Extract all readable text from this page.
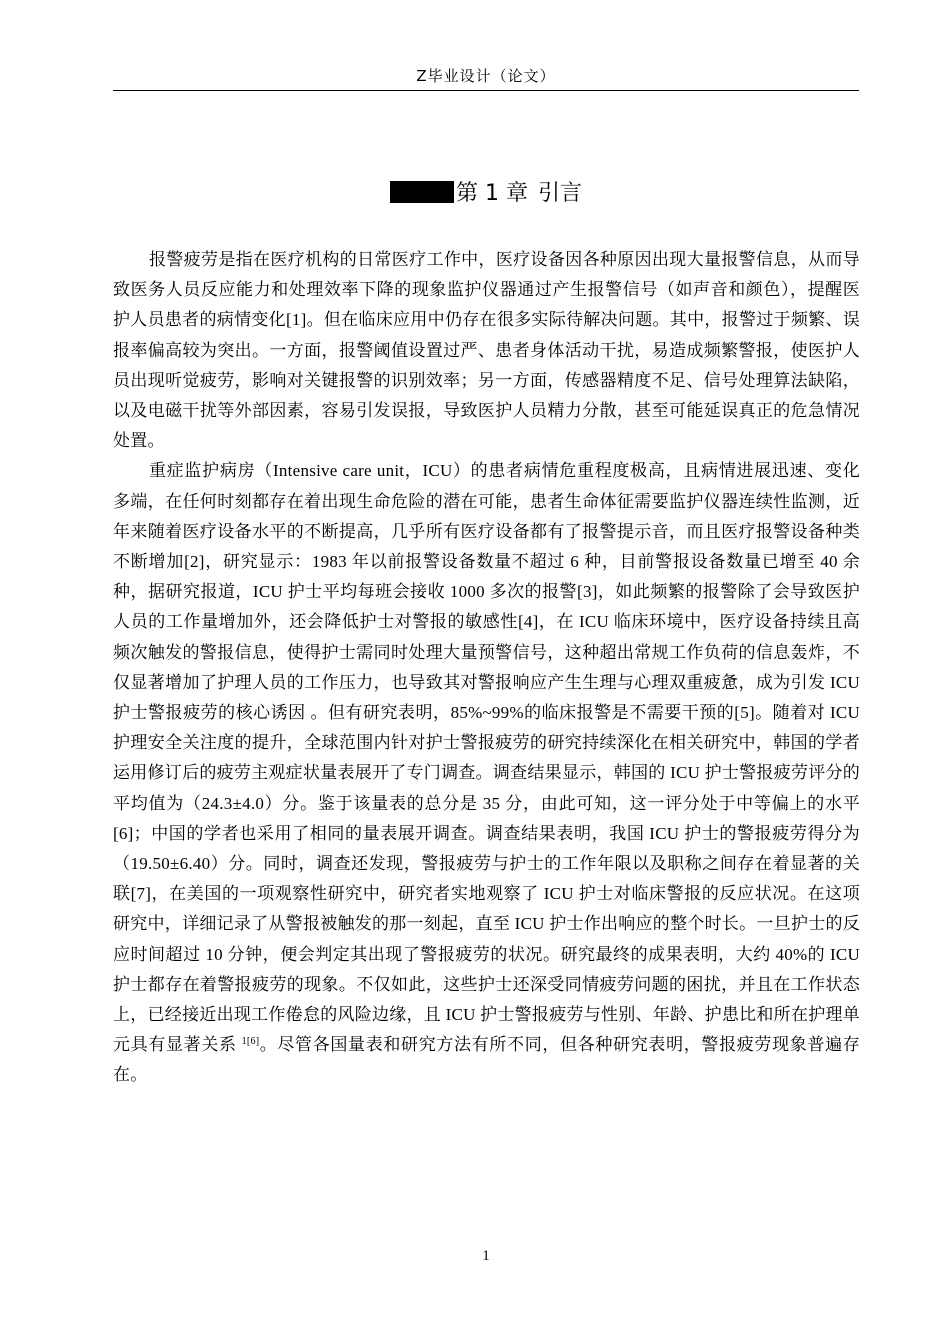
Z毕业设计（论文）
第 1 章 引言

报警疲劳是指在医疗机构的日常医疗工作中，医疗设备因各种原因出现大量报警信息，从而导致医务人员反应能力和处理效率下降的现象监护仪器通过产生报警信号（如声音和颜色），提醒医护人员患者的病情变化[1]。但在临床应用中仍存在很多实际待解决问题。其中，报警过于频繁、误报率偏高较为突出。一方面，报警阈值设置过严、患者身体活动干扰，易造成频繁警报，使医护人员出现听觉疲劳，影响对关键报警的识别效率；另一方面，传感器精度不足、信号处理算法缺陷，以及电磁干扰等外部因素，容易引发误报，导致医护人员精力分散，甚至可能延误真正的危急情况处置。

重症监护病房（Intensive care unit，ICU）的患者病情危重程度极高，且病情进展迅速、变化多端，在任何时刻都存在着出现生命危险的潜在可能，患者生命体征需要监护仪器连续性监测，近年来随着医疗设备水平的不断提高，几乎所有医疗设备都有了报警提示音，而且医疗报警设备种类不断增加[2]，研究显示：1983 年以前报警设备数量不超过 6 种，目前警报设备数量已增至 40 余种，据研究报道，ICU 护士平均每班会接收 1000 多次的报警[3]，如此频繁的报警除了会导致医护人员的工作量增加外，还会降低护士对警报的敏感性[4]，在 ICU 临床环境中，医疗设备持续且高频次触发的警报信息，使得护士需同时处理大量预警信号，这种超出常规工作负荷的信息轰炸，不仅显著增加了护理人员的工作压力，也导致其对警报响应产生生理与心理双重疲惫，成为引发 ICU 护士警报疲劳的核心诱因 。但有研究表明，85%~99%的临床报警是不需要干预的[5]。随着对 ICU 护理安全关注度的提升，全球范围内针对护士警报疲劳的研究持续深化在相关研究中，韩国的学者运用修订后的疲劳主观症状量表展开了专门调查。调查结果显示，韩国的 ICU 护士警报疲劳评分的平均值为（24.3±4.0）分。鉴于该量表的总分是 35 分，由此可知，这一评分处于中等偏上的水平[6]；中国的学者也采用了相同的量表展开调查。调查结果表明，我国 ICU 护士的警报疲劳得分为（19.50±6.40）分。同时，调查还发现，警报疲劳与护士的工作年限以及职称之间存在着显著的关联[7]，在美国的一项观察性研究中，研究者实地观察了 ICU 护士对临床警报的反应状况。在这项研究中，详细记录了从警报被触发的那一刻起，直至 ICU 护士作出响应的整个时长。一旦护士的反应时间超过 10 分钟，便会判定其出现了警报疲劳的状况。研究最终的成果表明，大约 40%的 ICU 护士都存在着警报疲劳的现象。不仅如此，这些护士还深受同情疲劳问题的困扰，并且在工作状态上，已经接近出现工作倦怠的风险边缘，且 ICU 护士警报疲劳与性别、年龄、护患比和所在护理单元具有显著关系 $^{1[6]}$。尽管各国量表和研究方法有所不同，但各种研究表明，警报疲劳现象普遍存在。

1
